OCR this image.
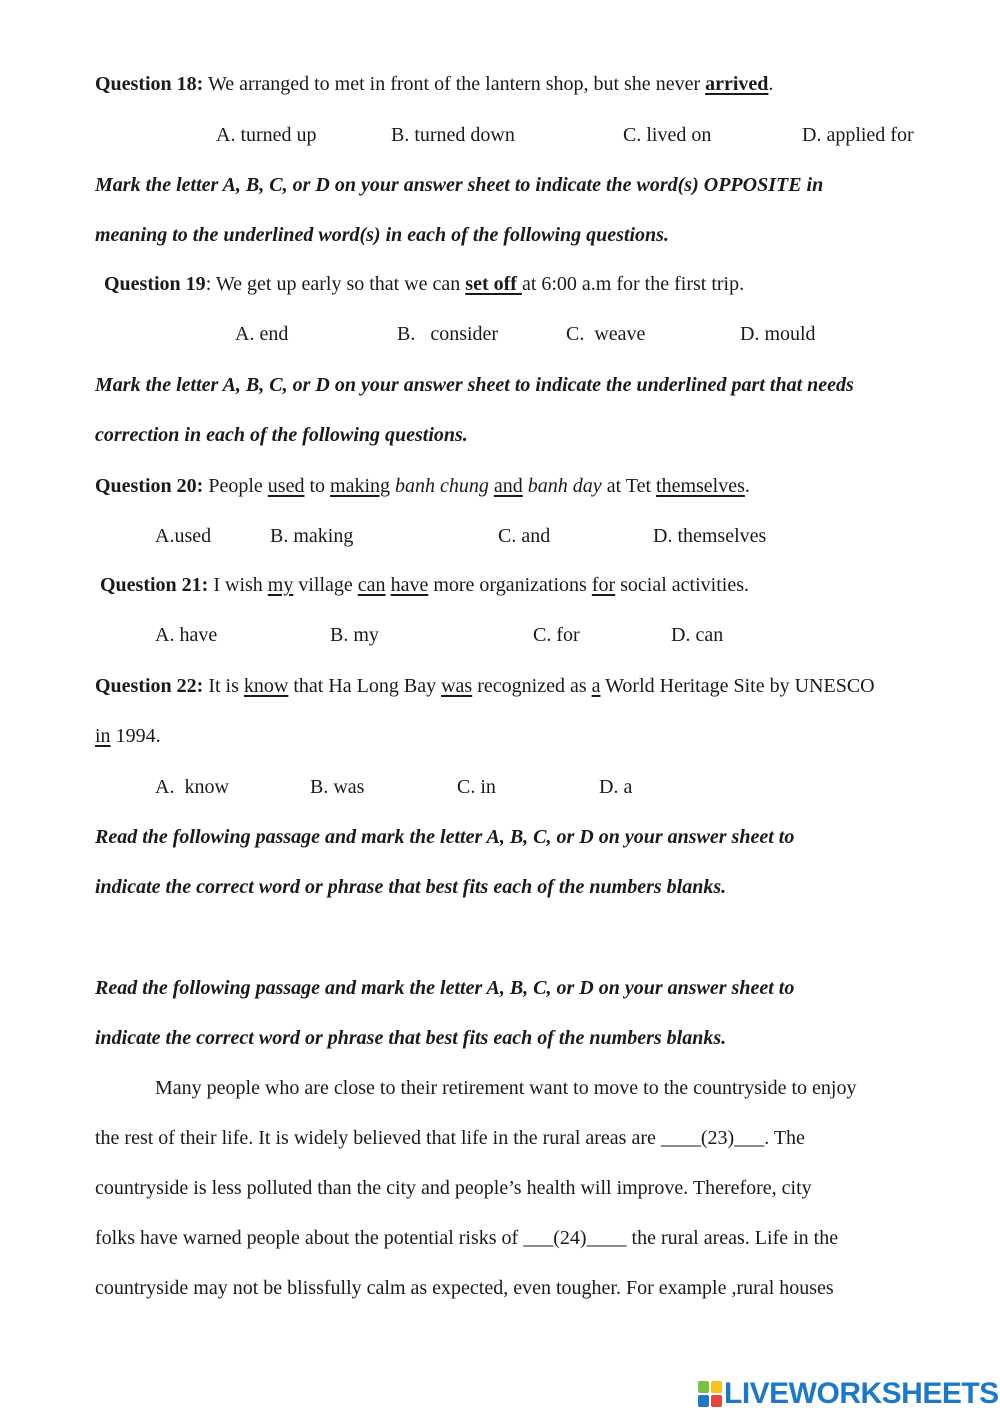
Question 18: We arranged to met in front of the lantern shop, but she never arrived.
A. turned up	B. turned down	C. lived on	D. applied for
Mark the letter A, B, C, or D on your answer sheet to indicate the word(s) OPPOSITE in
meaning to the underlined word(s) in each of the following questions.
Question 19: We get up early so that we can set off at 6:00 a.m for the first trip.
A. end	B.   consider	C.  weave	D. mould
Mark the letter A, B, C, or D on your answer sheet to indicate the underlined part that needs
correction in each of the following questions.
Question 20: People used to making banh chung and banh day at Tet themselves.
A.used	B. making	C. and	D. themselves
Question 21: I wish my village can have more organizations for social activities.
A. have	B. my	C. for	D. can
Question 22: It is know that Ha Long Bay was recognized as a World Heritage Site by UNESCO
in 1994.
A.  know	B. was	C. in	D. a
Read the following passage and mark the letter A, B, C, or D on your answer sheet to
indicate the correct word or phrase that best fits each of the numbers blanks.
Read the following passage and mark the letter A, B, C, or D on your answer sheet to
indicate the correct word or phrase that best fits each of the numbers blanks.
Many people who are close to their retirement want to move to the countryside to enjoy
the rest of their life. It is widely believed that life in the rural areas are ____(23)___. The
countryside is less polluted than the city and people’s health will improve. Therefore, city
folks have warned people about the potential risks of ___(24)____ the rural areas. Life in the
countryside may not be blissfully calm as expected, even tougher. For example ,rural houses
LIVEWORKSHEETS
